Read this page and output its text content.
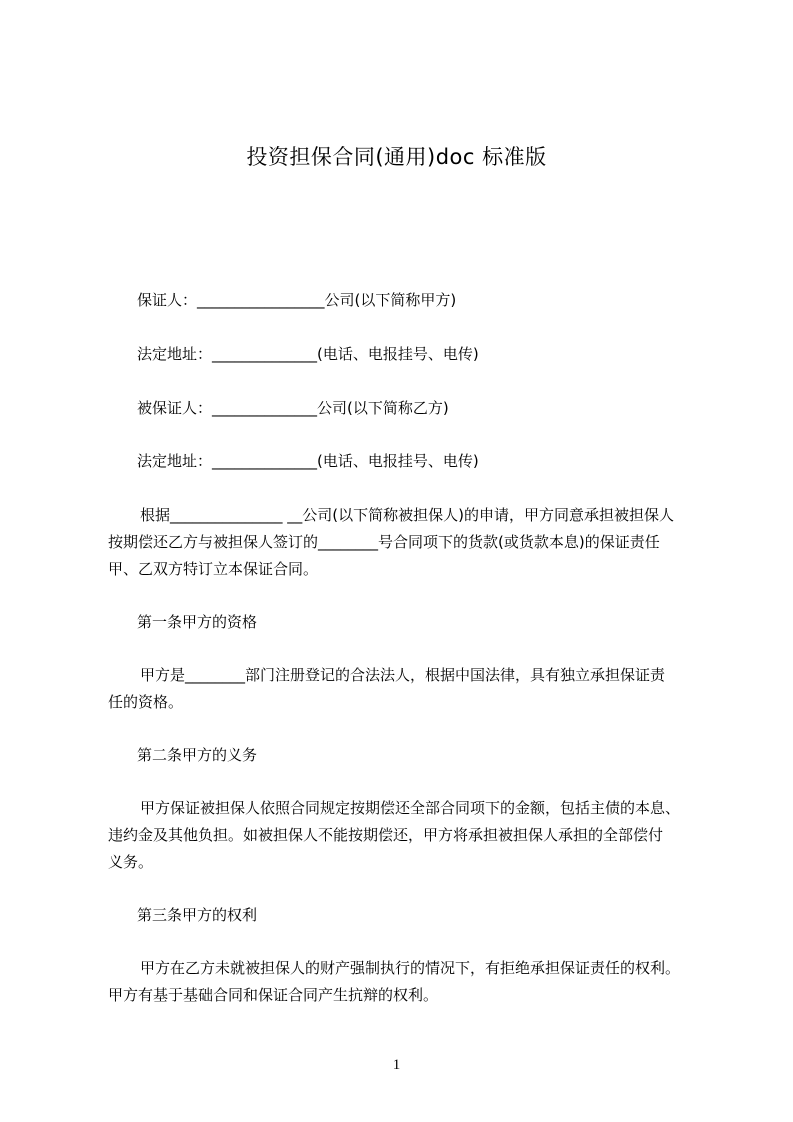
投资担保合同(通用)doc 标准版
保证人：_________________公司(以下简称甲方)
法定地址：______________(电话、电报挂号、电传)
被保证人：______________公司(以下简称乙方)
法定地址：______________(电话、电报挂号、电传)
根据_______________ __公司(以下简称被担保人)的申请，甲方同意承担被担保人
按期偿还乙方与被担保人签订的________号合同项下的货款(或货款本息)的保证责任
甲、乙双方特订立本保证合同。
第一条甲方的资格
甲方是________部门注册登记的合法法人，根据中国法律，具有独立承担保证责
任的资格。
第二条甲方的义务
甲方保证被担保人依照合同规定按期偿还全部合同项下的金额，包括主债的本息、
违约金及其他负担。如被担保人不能按期偿还，甲方将承担被担保人承担的全部偿付
义务。
第三条甲方的权利
甲方在乙方未就被担保人的财产强制执行的情况下，有拒绝承担保证责任的权利。
甲方有基于基础合同和保证合同产生抗辩的权利。
1
